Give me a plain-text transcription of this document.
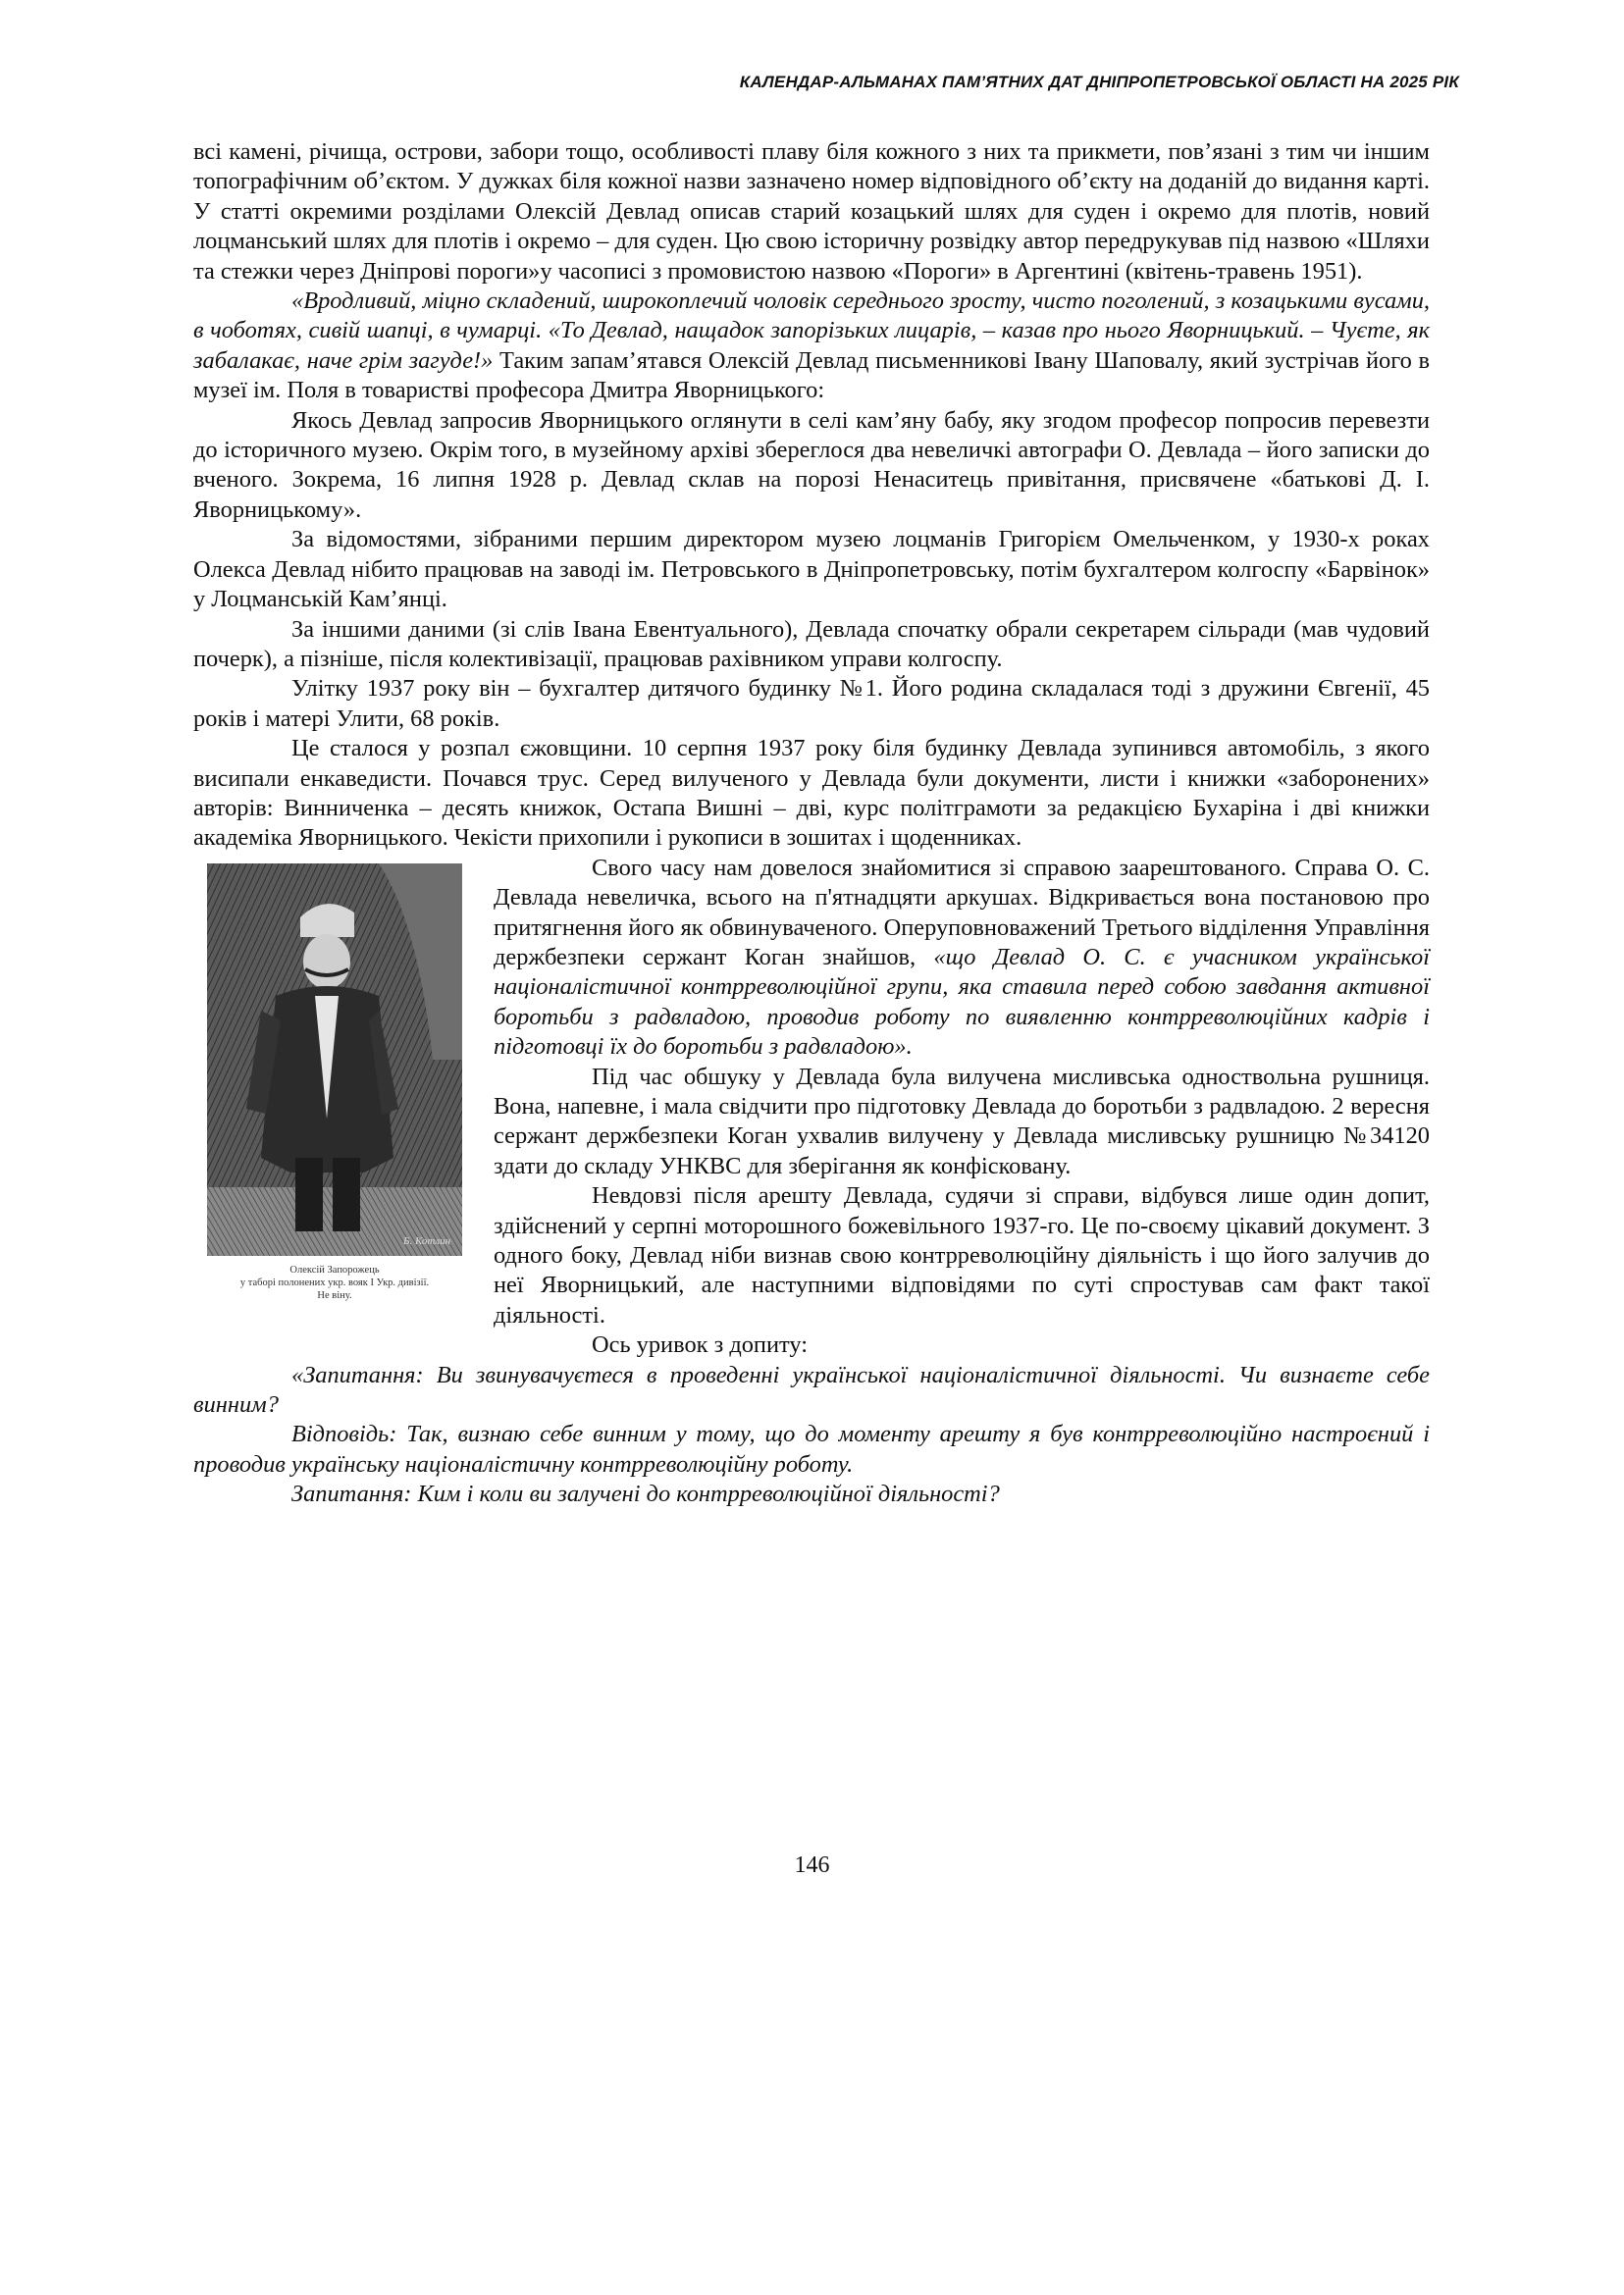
КАЛЕНДАР-АЛЬМАНАХ ПАМ’ЯТНИХ ДАТ ДНІПРОПЕТРОВСЬКОЇ ОБЛАСТІ НА 2025 РІК

всі камені, річища, острови, забори тощо, особливості плаву біля кожного з них та прикмети, пов’язані з тим чи іншим топографічним об’єктом. У дужках біля кожної назви зазначено номер відповідного об’єкту на доданій до видання карті. У статті окремими розділами Олексій Девлад описав старий козацький шлях для суден і окремо для плотів, новий лоцманський шлях для плотів і окремо – для суден. Цю свою історичну розвідку автор передрукував під назвою «Шляхи та стежки через Дніпрові пороги»у часописі з промовистою назвою «Пороги» в Аргентині (квітень-травень 1951).

«Вродливий, міцно складений, широкоплечий чоловік середнього зросту, чисто поголений, з козацькими вусами, в чоботях, сивій шапці, в чумарці. «То Девлад, нащадок запорізьких лицарів, – казав про нього Яворницький. – Чуєте, як забалакає, наче грім загуде!» Таким запам’ятався Олексій Девлад письменникові Івану Шаповалу, який зустрічав його в музеї ім. Поля в товаристві професора Дмитра Яворницького:

Якось Девлад запросив Яворницького оглянути в селі кам’яну бабу, яку згодом професор попросив перевезти до історичного музею. Окрім того, в музейному архіві збереглося два невеличкі автографи О. Девлада – його записки до вченого. Зокрема, 16 липня 1928 р. Девлад склав на порозі Ненаситець привітання, присвячене «батькові Д. І. Яворницькому».

За відомостями, зібраними першим директором музею лоцманів Григорієм Омельченком, у 1930-х роках Олекса Девлад нібито працював на заводі ім. Петровського в Дніпропетровську, потім бухгалтером колгоспу «Барвінок» у Лоцманській Кам’янці.

За іншими даними (зі слів Івана Евентуального), Девлада спочатку обрали секретарем сільради (мав чудовий почерк), а пізніше, після колективізації, працював рахівником управи колгоспу.

Улітку 1937 року він – бухгалтер дитячого будинку №1. Його родина складалася тоді з дружини Євгенії, 45 років і матері Улити, 68 років.

Це сталося у розпал єжовщини. 10 серпня 1937 року біля будинку Девлада зупинився автомобіль, з якого висипали енкаведисти. Почався трус. Серед вилученого у Девлада були документи, листи і книжки «заборонених» авторів: Винниченка – десять книжок, Остапа Вишні – дві, курс політграмоти за редакцією Бухаріна і дві книжки академіка Яворницького. Чекісти прихопили і рукописи в зошитах і щоденниках.

Б. Котлин
Олексій Запорожець
у таборі полонених укр. вояк І Укр. дивізії.
Не віну.

Свого часу нам довелося знайомитися зі справою заарештованого. Справа О. С. Девлада невеличка, всього на п'ятнадцяти аркушах. Відкривається вона постановою про притягнення його як обвинуваченого. Оперуповноважений Третього відділення Управління держбезпеки сержант Коган знайшов, «що Девлад О. С. є учасником української націоналістичної контрреволюційної групи, яка ставила перед собою завдання активної боротьби з радвладою, проводив роботу по виявленню контрреволюційних кадрів і підготовці їх до боротьби з радвладою».

Під час обшуку у Девлада була вилучена мисливська одноствольна рушниця. Вона, напевне, і мала свідчити про підготовку Девлада до боротьби з радвладою. 2 вересня сержант держбезпеки Коган ухвалив вилучену у Девлада мисливську рушницю №34120 здати до складу УНКВС для зберігання як конфісковану.

Невдовзі після арешту Девлада, судячи зі справи, відбувся лише один допит, здійснений у серпні моторошного божевільного 1937-го. Це по-своєму цікавий документ. З одного боку, Девлад ніби визнав свою контрреволюційну діяльність і що його залучив до неї Яворницький, але наступними відповідями по суті спростував сам факт такої діяльності.

Ось уривок з допиту:

«Запитання: Ви звинувачуєтеся в проведенні української націоналістичної діяльності. Чи визнаєте себе винним?

Відповідь: Так, визнаю себе винним у тому, що до моменту арешту я був контрреволюційно настроєний і проводив українську націоналістичну контрреволюційну роботу.

Запитання: Ким і коли ви залучені до контрреволюційної діяльності?

146
